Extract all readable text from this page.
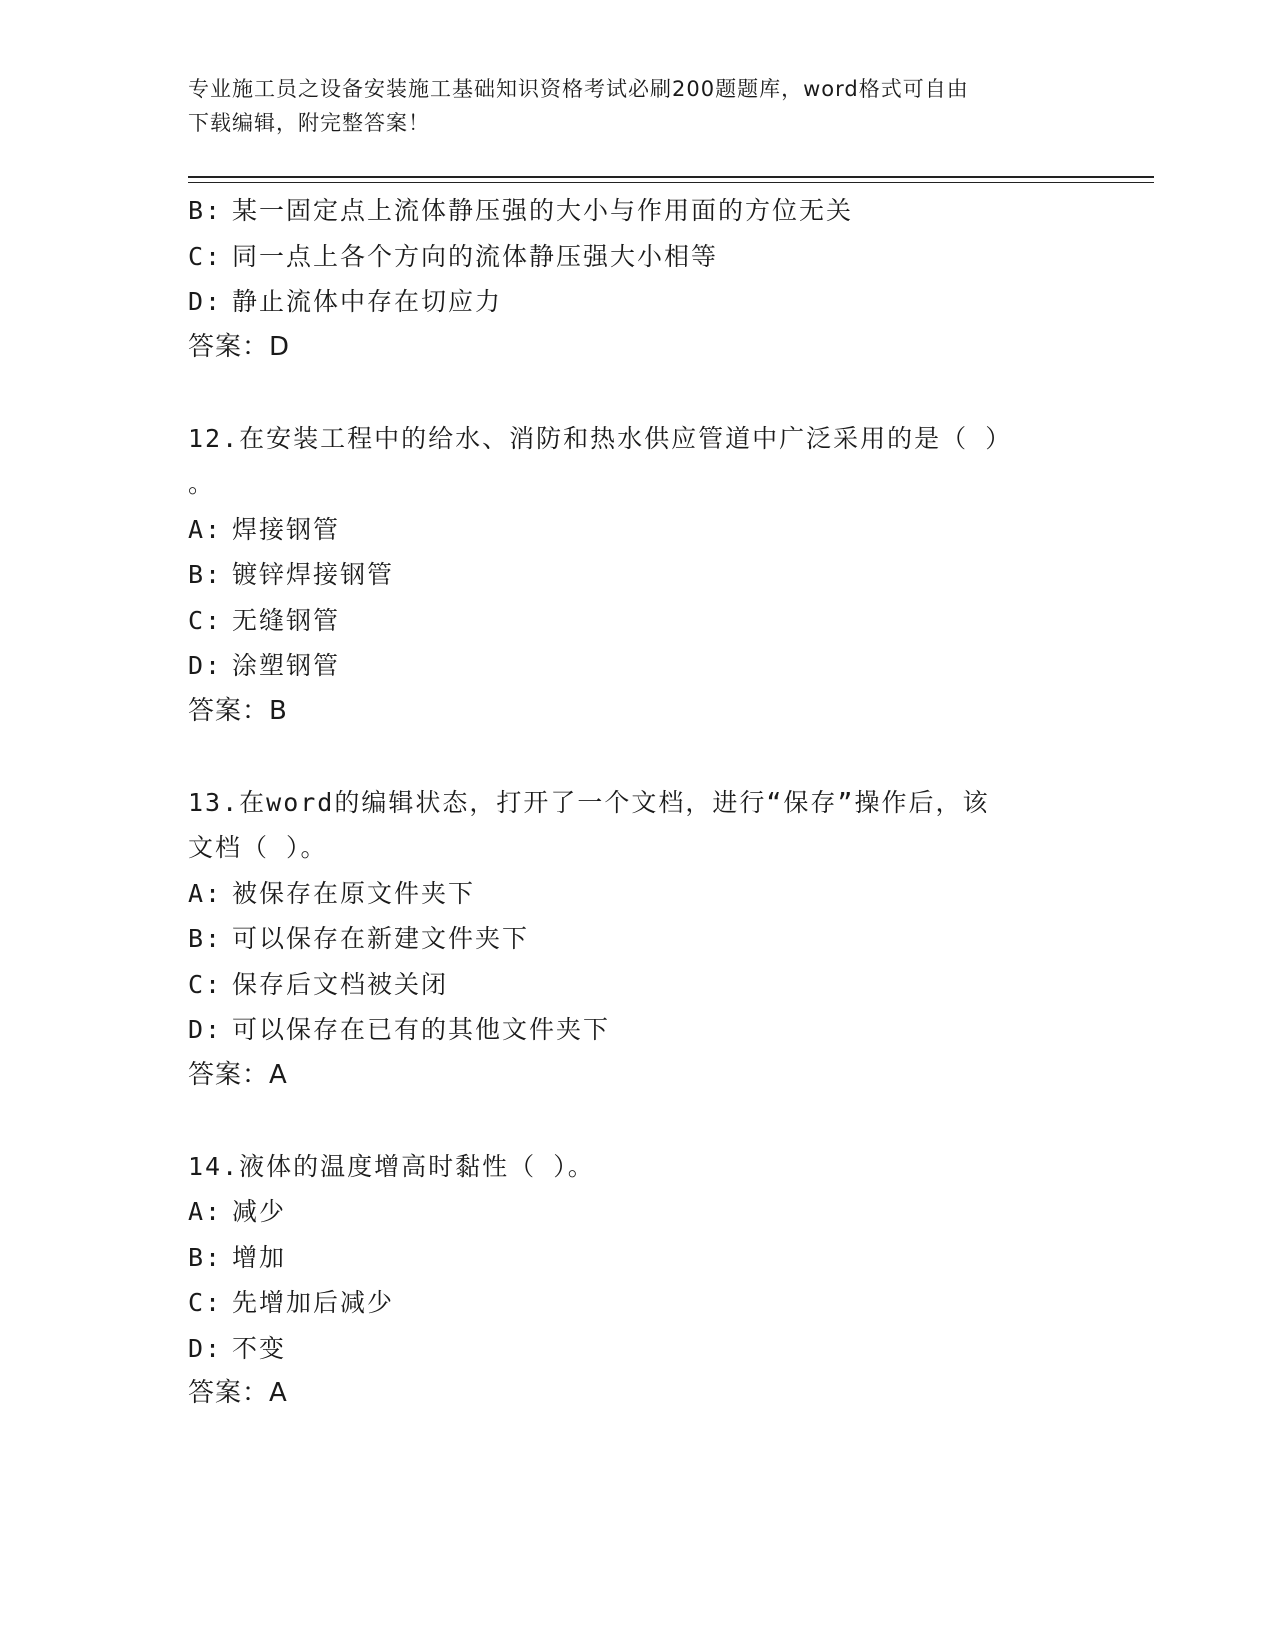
专业施工员之设备安装施工基础知识资格考试必刷200题题库，word格式可自由
下载编辑，附完整答案！
B: 某一固定点上流体静压强的大小与作用面的方位无关
C: 同一点上各个方向的流体静压强大小相等
D: 静止流体中存在切应力
答案：D
12.在安装工程中的给水、消防和热水供应管道中广泛采用的是（ ）
。
A: 焊接钢管
B: 镀锌焊接钢管
C: 无缝钢管
D: 涂塑钢管
答案：B
13.在word的编辑状态，打开了一个文档，进行“保存”操作后，该
文档（ ）。
A: 被保存在原文件夹下
B: 可以保存在新建文件夹下
C: 保存后文档被关闭
D: 可以保存在已有的其他文件夹下
答案：A
14.液体的温度增高时黏性（ ）。
A: 减少
B: 增加
C: 先增加后减少
D: 不变
答案：A
